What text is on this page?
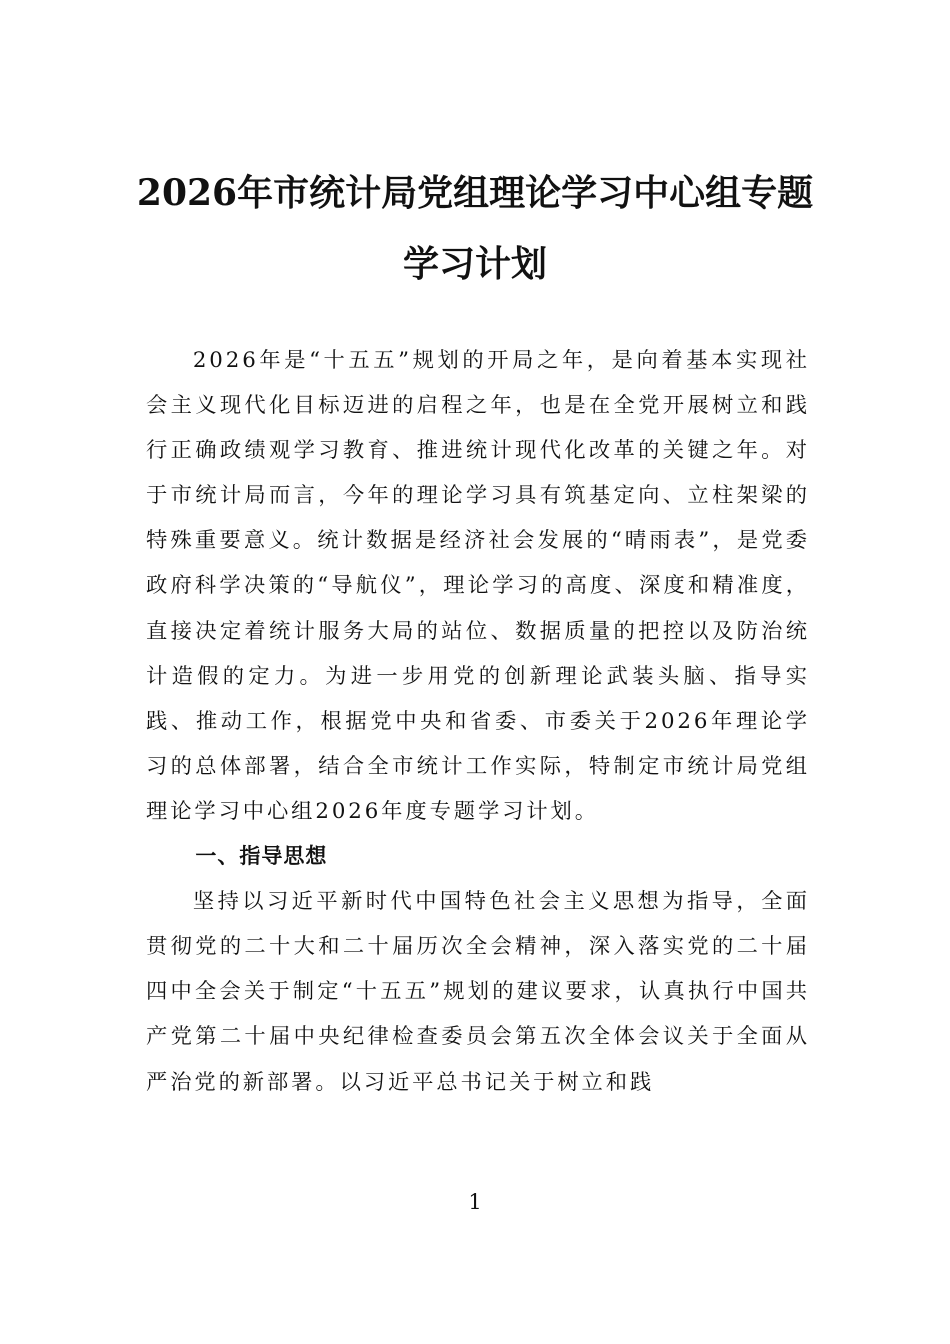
2026年市统计局党组理论学习中心组专题
学习计划

2026年是“十五五”规划的开局之年，是向着基本实现社会主义现代化目标迈进的启程之年，也是在全党开展树立和践行正确政绩观学习教育、推进统计现代化改革的关键之年。对于市统计局而言，今年的理论学习具有筑基定向、立柱架梁的特殊重要意义。统计数据是经济社会发展的“晴雨表”，是党委政府科学决策的“导航仪”，理论学习的高度、深度和精准度，直接决定着统计服务大局的站位、数据质量的把控以及防治统计造假的定力。为进一步用党的创新理论武装头脑、指导实践、推动工作，根据党中央和省委、市委关于2026年理论学习的总体部署，结合全市统计工作实际，特制定市统计局党组理论学习中心组2026年度专题学习计划。

一、指导思想

坚持以习近平新时代中国特色社会主义思想为指导，全面贯彻党的二十大和二十届历次全会精神，深入落实党的二十届四中全会关于制定“十五五”规划的建议要求，认真执行中国共产党第二十届中央纪律检查委员会第五次全体会议关于全面从严治党的新部署。以习近平总书记关于树立和践

1
